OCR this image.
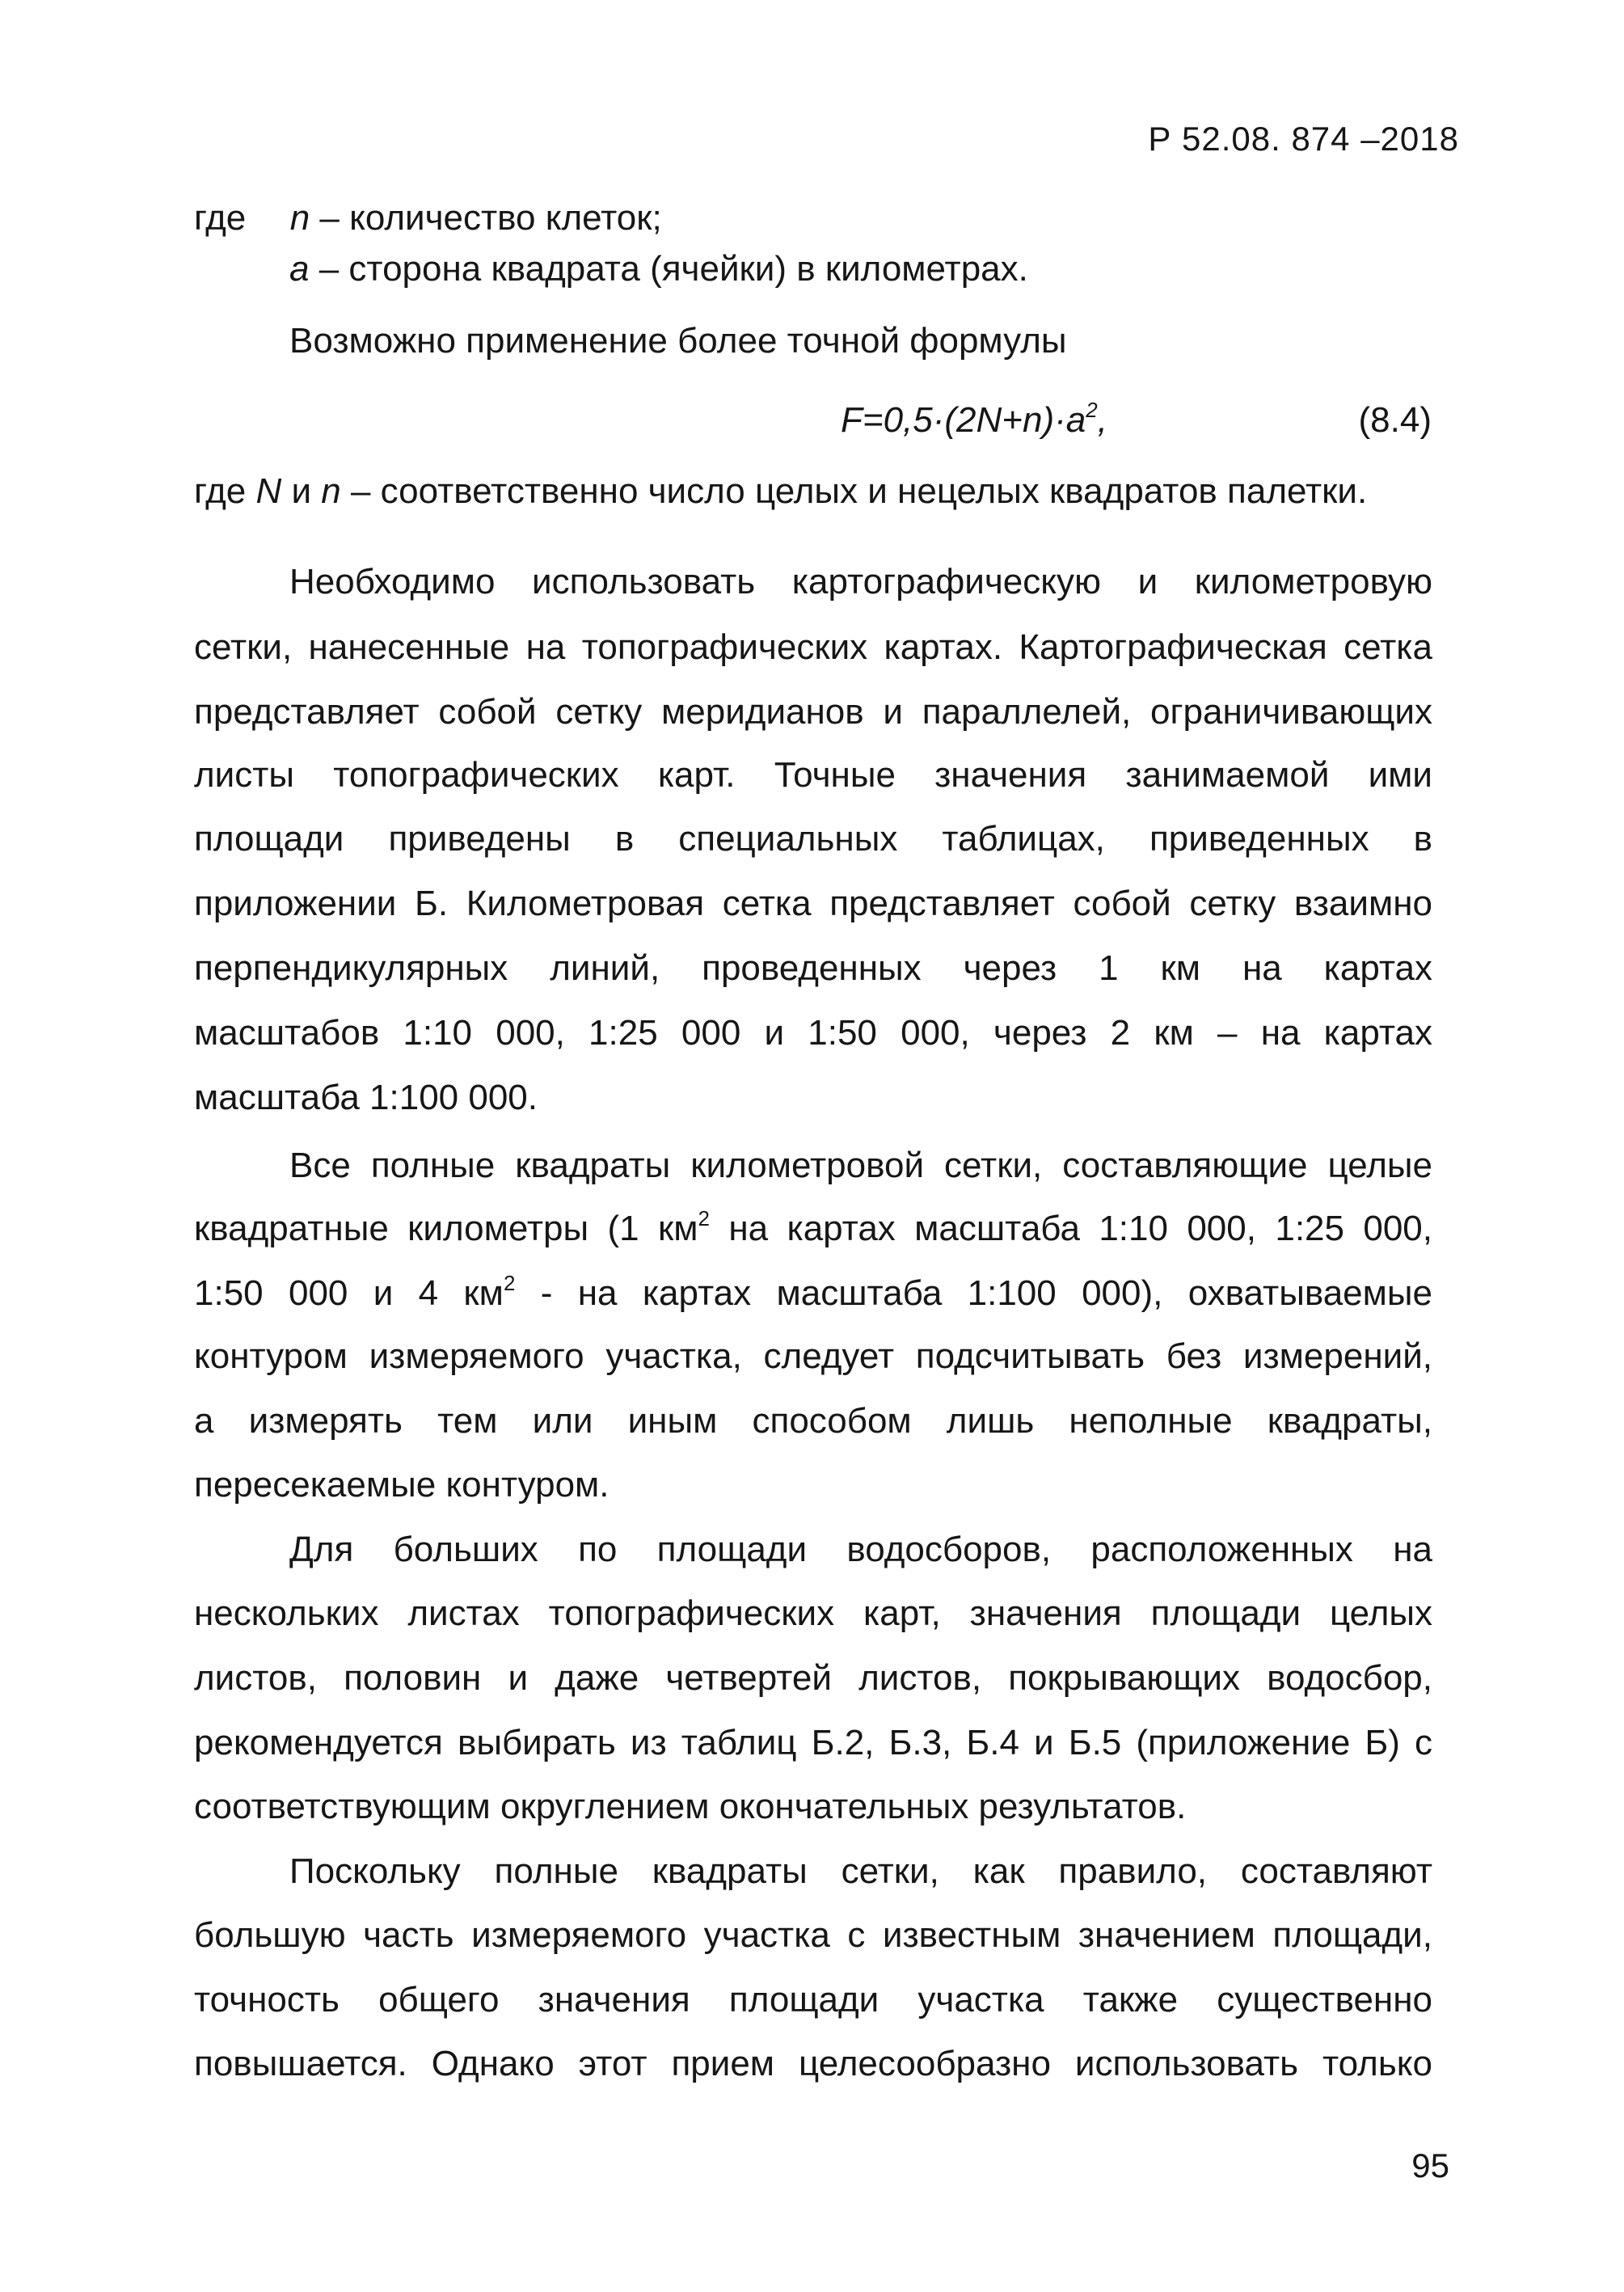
Р 52.08. 874 –2018
где n – количество клеток;
a – сторона квадрата (ячейки) в километрах.
Возможно применение более точной формулы
$F=0,5\cdot(2N+n)\cdot a^2$,	(8.4)
где N и n – соответственно число целых и нецелых квадратов палетки.
Необходимо использовать картографическую и километровую
сетки, нанесенные на топографических картах. Картографическая сетка
представляет собой сетку меридианов и параллелей, ограничивающих
листы топографических карт. Точные значения занимаемой ими
площади приведены в специальных таблицах, приведенных в
приложении Б. Километровая сетка представляет собой сетку взаимно
перпендикулярных линий, проведенных через 1 км на картах
масштабов 1:10 000, 1:25 000 и 1:50 000, через 2 км – на картах
масштаба 1:100 000.
Все полные квадраты километровой сетки, составляющие целые
квадратные километры (1 $км^2$ на картах масштаба 1:10 000, 1:25 000,
1:50 000 и 4 $км^2$ - на картах масштаба 1:100 000), охватываемые
контуром измеряемого участка, следует подсчитывать без измерений,
а измерять тем или иным способом лишь неполные квадраты,
пересекаемые контуром.
Для больших по площади водосборов, расположенных на
нескольких листах топографических карт, значения площади целых
листов, половин и даже четвертей листов, покрывающих водосбор,
рекомендуется выбирать из таблиц Б.2, Б.3, Б.4 и Б.5 (приложение Б) с
соответствующим округлением окончательных результатов.
Поскольку полные квадраты сетки, как правило, составляют
большую часть измеряемого участка с известным значением площади,
точность общего значения площади участка также существенно
повышается. Однако этот прием целесообразно использовать только
95
